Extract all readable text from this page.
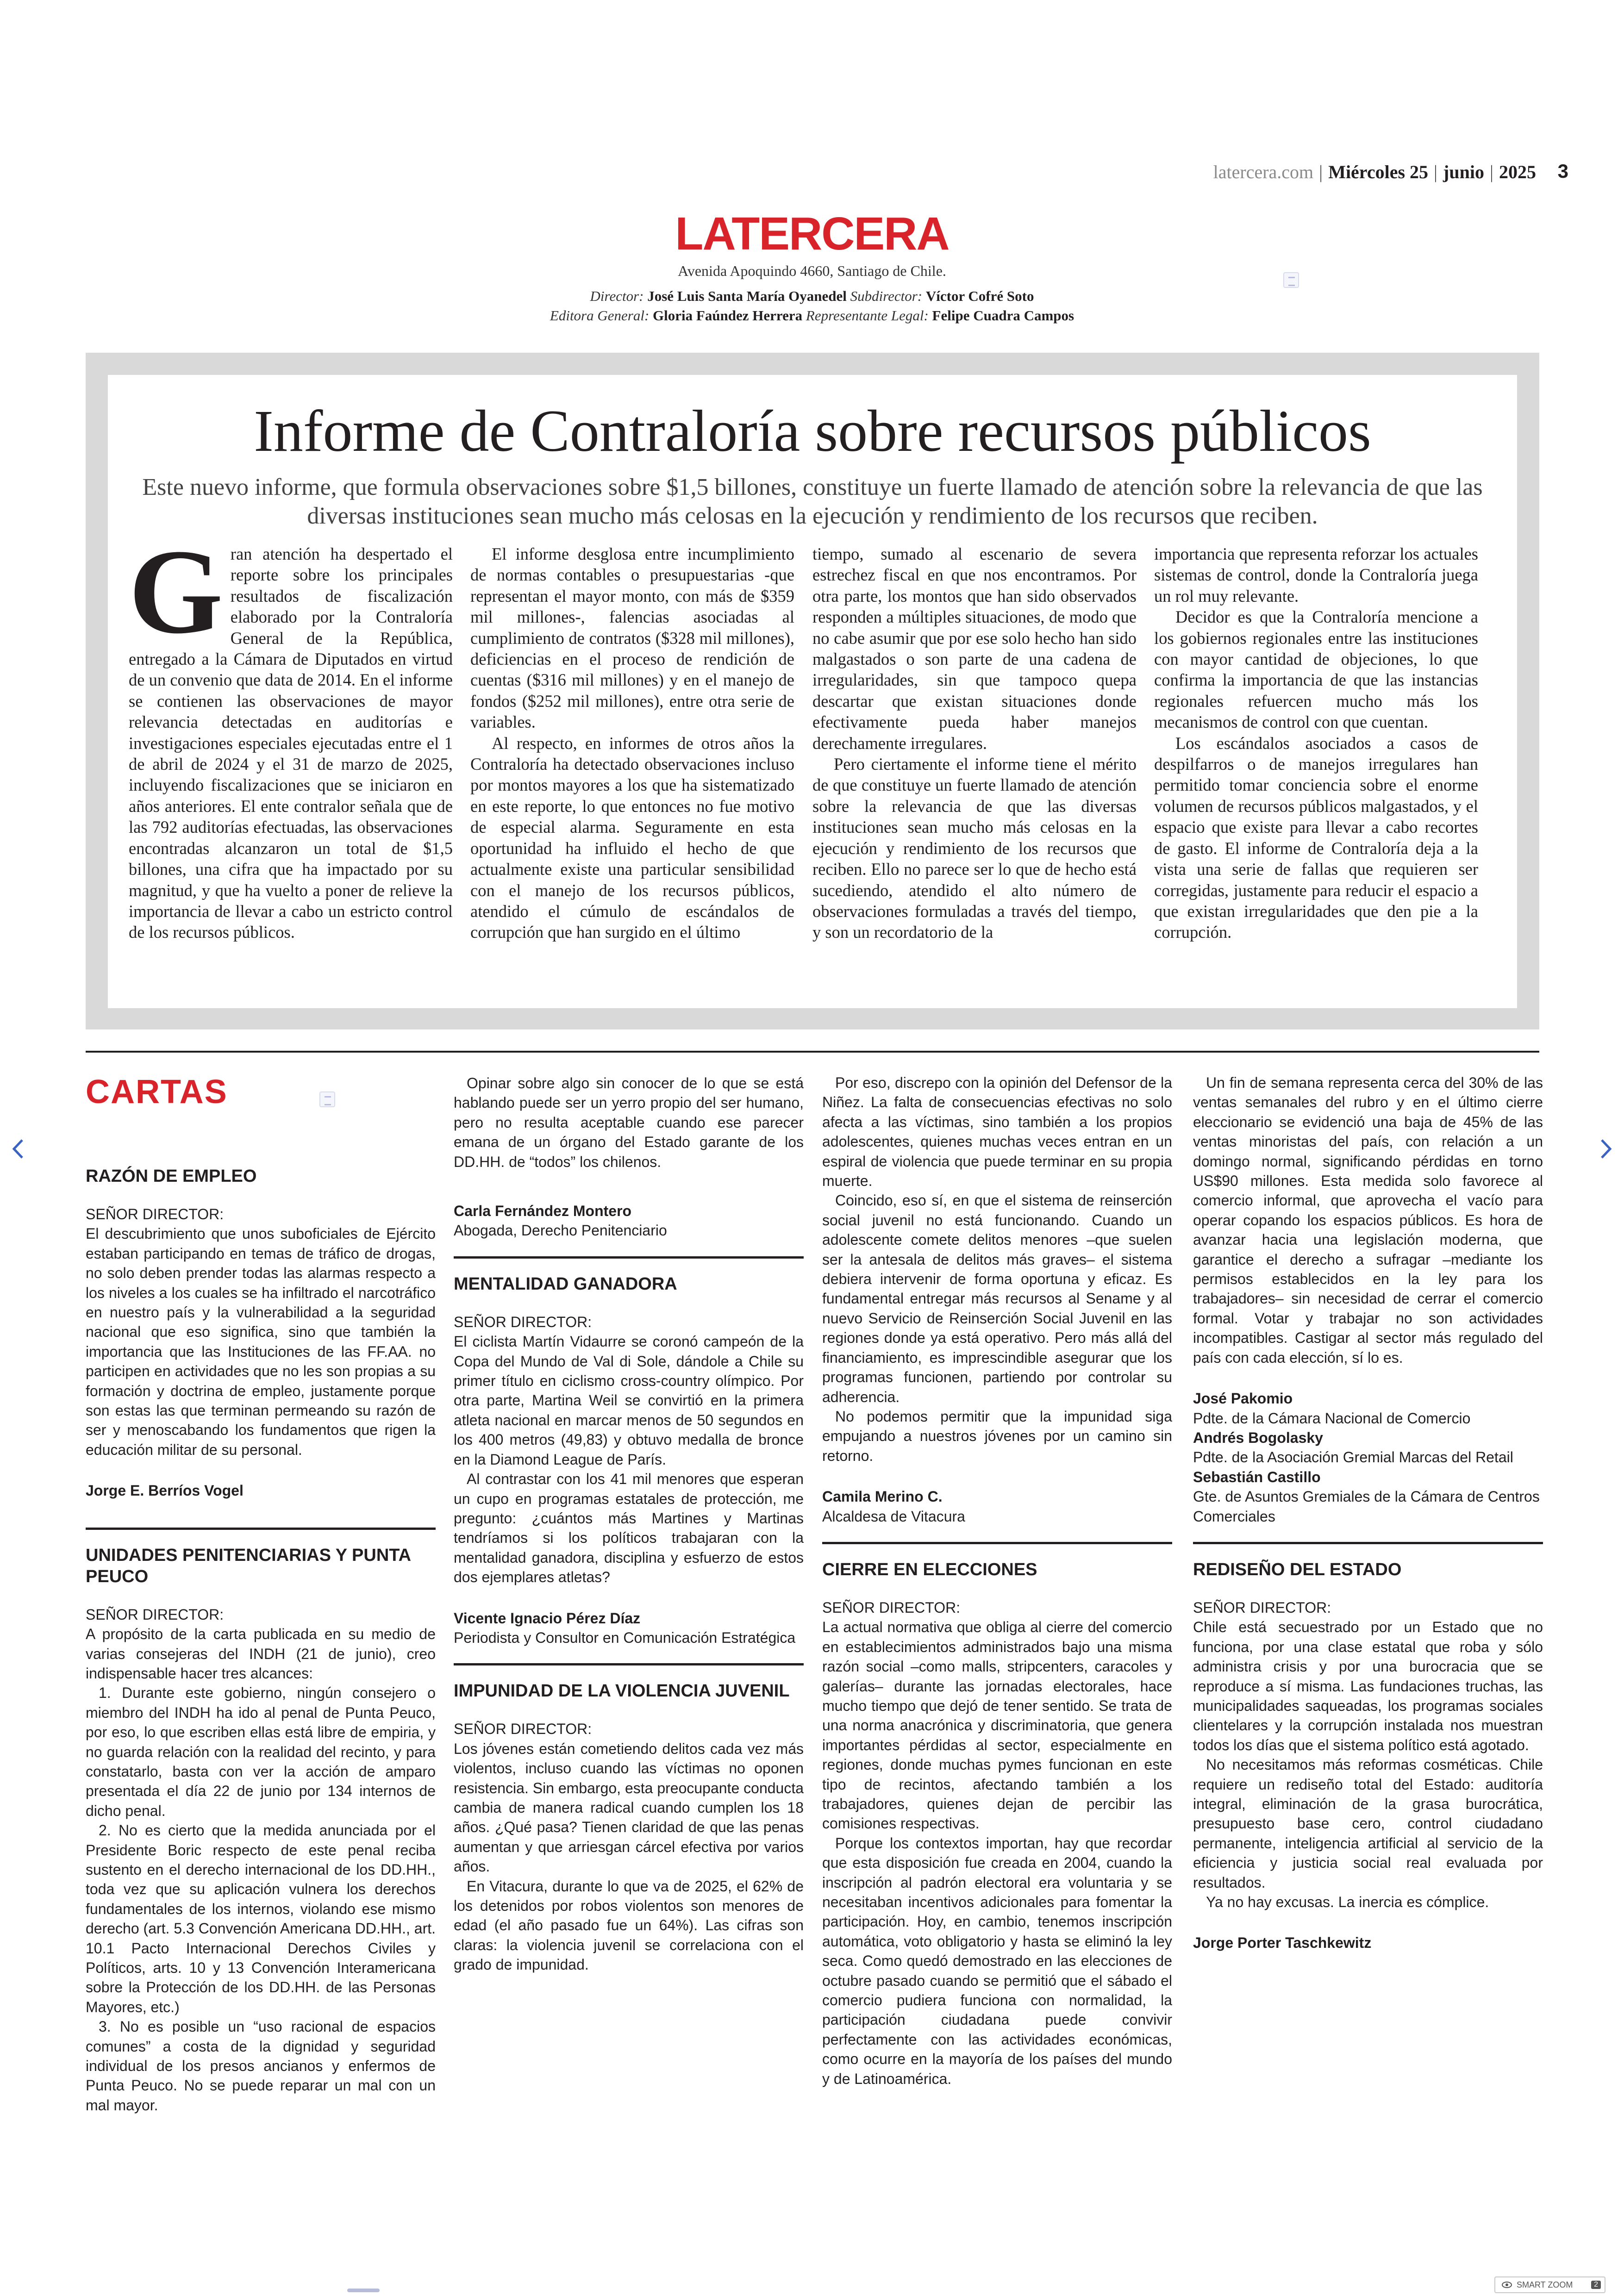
latercera.com | Miércoles 25 | junio | 2025 3
LATERCERA
Avenida Apoquindo 4660, Santiago de Chile.
Director: José Luis Santa María Oyanedel Subdirector: Víctor Cofré Soto
Editora General: Gloria Faúndez Herrera Representante Legal: Felipe Cuadra Campos
Informe de Contraloría sobre recursos públicos
Este nuevo informe, que formula observaciones sobre $1,5 billones, constituye un fuerte llamado de atención sobre la relevancia de que las diversas instituciones sean mucho más celosas en la ejecución y rendimiento de los recursos que reciben.

Gran atención ha despertado el reporte sobre los principales resultados de fiscalización elaborado por la Contraloría General de la República, entregado a la Cámara de Diputados en virtud de un convenio que data de 2014. En el informe se contienen las observaciones de mayor relevancia detectadas en auditorías e investigaciones especiales ejecutadas entre el 1 de abril de 2024 y el 31 de marzo de 2025, incluyendo fiscalizaciones que se iniciaron en años anteriores. El ente contralor señala que de las 792 auditorías efectuadas, las observaciones encontradas alcanzaron un total de $1,5 billones, una cifra que ha impactado por su magnitud, y que ha vuelto a poner de relieve la importancia de llevar a cabo un estricto control de los recursos públicos.

El informe desglosa entre incumplimiento de normas contables o presupuestarias -que representan el mayor monto, con más de $359 mil millones-, falencias asociadas al cumplimiento de contratos ($328 mil millones), deficiencias en el proceso de rendición de cuentas ($316 mil millones) y en el manejo de fondos ($252 mil millones), entre otra serie de variables.

Al respecto, en informes de otros años la Contraloría ha detectado observaciones incluso por montos mayores a los que ha sistematizado en este reporte, lo que entonces no fue motivo de especial alarma. Seguramente en esta oportunidad ha influido el hecho de que actualmente existe una particular sensibilidad con el manejo de los recursos públicos, atendido el cúmulo de escándalos de corrupción que han surgido en el último

tiempo, sumado al escenario de severa estrechez fiscal en que nos encontramos. Por otra parte, los montos que han sido observados responden a múltiples situaciones, de modo que no cabe asumir que por ese solo hecho han sido malgastados o son parte de una cadena de irregularidades, sin que tampoco quepa descartar que existan situaciones donde efectivamente pueda haber manejos derechamente irregulares.

Pero ciertamente el informe tiene el mérito de que constituye un fuerte llamado de atención sobre la relevancia de que las diversas instituciones sean mucho más celosas en la ejecución y rendimiento de los recursos que reciben. Ello no parece ser lo que de hecho está sucediendo, atendido el alto número de observaciones formuladas a través del tiempo, y son un recordatorio de la

importancia que representa reforzar los actuales sistemas de control, donde la Contraloría juega un rol muy relevante.

Decidor es que la Contraloría mencione a los gobiernos regionales entre las instituciones con mayor cantidad de objeciones, lo que confirma la importancia de que las instancias regionales refuercen mucho más los mecanismos de control con que cuentan.

Los escándalos asociados a casos de despilfarros o de manejos irregulares han permitido tomar conciencia sobre el enorme volumen de recursos públicos malgastados, y el espacio que existe para llevar a cabo recortes de gasto. El informe de Contraloría deja a la vista una serie de fallas que requieren ser corregidas, justamente para reducir el espacio a que existan irregularidades que den pie a la corrupción.

CARTAS

RAZÓN DE EMPLEO

SEÑOR DIRECTOR:

El descubrimiento que unos suboficiales de Ejército estaban participando en temas de tráfico de drogas, no solo deben prender todas las alarmas respecto a los niveles a los cuales se ha infiltrado el narcotráfico en nuestro país y la vulnerabilidad a la seguridad nacional que eso significa, sino que también la importancia que las Instituciones de las FF.AA. no participen en actividades que no les son propias a su formación y doctrina de empleo, justamente porque son estas las que terminan permeando su razón de ser y menoscabando los fundamentos que rigen la educación militar de su personal.

Jorge E. Berríos Vogel

UNIDADES PENITENCIARIAS Y PUNTA PEUCO

SEÑOR DIRECTOR:

A propósito de la carta publicada en su medio de varias consejeras del INDH (21 de junio), creo indispensable hacer tres alcances:

1. Durante este gobierno, ningún consejero o miembro del INDH ha ido al penal de Punta Peuco, por eso, lo que escriben ellas está libre de empiria, y no guarda relación con la realidad del recinto, y para constatarlo, basta con ver la acción de amparo presentada el día 22 de junio por 134 internos de dicho penal.

2. No es cierto que la medida anunciada por el Presidente Boric respecto de este penal reciba sustento en el derecho internacional de los DD.HH., toda vez que su aplicación vulnera los derechos fundamentales de los internos, violando ese mismo derecho (art. 5.3 Convención Americana DD.HH., art. 10.1 Pacto Internacional Derechos Civiles y Políticos, arts. 10 y 13 Convención Interamericana sobre la Protección de los DD.HH. de las Personas Mayores, etc.)

3. No es posible un “uso racional de espacios comunes” a costa de la dignidad y seguridad individual de los presos ancianos y enfermos de Punta Peuco. No se puede reparar un mal con un mal mayor.

Opinar sobre algo sin conocer de lo que se está hablando puede ser un yerro propio del ser humano, pero no resulta aceptable cuando ese parecer emana de un órgano del Estado garante de los DD.HH. de “todos” los chilenos.

Carla Fernández Montero

Abogada, Derecho Penitenciario

MENTALIDAD GANADORA

SEÑOR DIRECTOR:

El ciclista Martín Vidaurre se coronó campeón de la Copa del Mundo de Val di Sole, dándole a Chile su primer título en ciclismo cross-country olímpico. Por otra parte, Martina Weil se convirtió en la primera atleta nacional en marcar menos de 50 segundos en los 400 metros (49,83) y obtuvo medalla de bronce en la Diamond League de París.

Al contrastar con los 41 mil menores que esperan un cupo en programas estatales de protección, me pregunto: ¿cuántos más Martines y Martinas tendríamos si los políticos trabajaran con la mentalidad ganadora, disciplina y esfuerzo de estos dos ejemplares atletas?

Vicente Ignacio Pérez Díaz

Periodista y Consultor en Comunicación Estratégica

IMPUNIDAD DE LA VIOLENCIA JUVENIL

SEÑOR DIRECTOR:

Los jóvenes están cometiendo delitos cada vez más violentos, incluso cuando las víctimas no oponen resistencia. Sin embargo, esta preocupante conducta cambia de manera radical cuando cumplen los 18 años. ¿Qué pasa? Tienen claridad de que las penas aumentan y que arriesgan cárcel efectiva por varios años.

En Vitacura, durante lo que va de 2025, el 62% de los detenidos por robos violentos son menores de edad (el año pasado fue un 64%). Las cifras son claras: la violencia juvenil se correlaciona con el grado de impunidad.

Por eso, discrepo con la opinión del Defensor de la Niñez. La falta de consecuencias efectivas no solo afecta a las víctimas, sino también a los propios adolescentes, quienes muchas veces entran en un espiral de violencia que puede terminar en su propia muerte.

Coincido, eso sí, en que el sistema de reinserción social juvenil no está funcionando. Cuando un adolescente comete delitos menores –que suelen ser la antesala de delitos más graves– el sistema debiera intervenir de forma oportuna y eficaz. Es fundamental entregar más recursos al Sename y al nuevo Servicio de Reinserción Social Juvenil en las regiones donde ya está operativo. Pero más allá del financiamiento, es imprescindible asegurar que los programas funcionen, partiendo por controlar su adherencia.

No podemos permitir que la impunidad siga empujando a nuestros jóvenes por un camino sin retorno.

Camila Merino C.

Alcaldesa de Vitacura

CIERRE EN ELECCIONES

SEÑOR DIRECTOR:

La actual normativa que obliga al cierre del comercio en establecimientos administrados bajo una misma razón social –como malls, stripcenters, caracoles y galerías– durante las jornadas electorales, hace mucho tiempo que dejó de tener sentido. Se trata de una norma anacrónica y discriminatoria, que genera importantes pérdidas al sector, especialmente en regiones, donde muchas pymes funcionan en este tipo de recintos, afectando también a los trabajadores, quienes dejan de percibir las comisiones respectivas.

Porque los contextos importan, hay que recordar que esta disposición fue creada en 2004, cuando la inscripción al padrón electoral era voluntaria y se necesitaban incentivos adicionales para fomentar la participación. Hoy, en cambio, tenemos inscripción automática, voto obligatorio y hasta se eliminó la ley seca. Como quedó demostrado en las elecciones de octubre pasado cuando se permitió que el sábado el comercio pudiera funciona con normalidad, la participación ciudadana puede convivir perfectamente con las actividades económicas, como ocurre en la mayoría de los países del mundo y de Latinoamérica.

Un fin de semana representa cerca del 30% de las ventas semanales del rubro y en el último cierre eleccionario se evidenció una baja de 45% de las ventas minoristas del país, con relación a un domingo normal, significando pérdidas en torno US$90 millones. Esta medida solo favorece al comercio informal, que aprovecha el vacío para operar copando los espacios públicos. Es hora de avanzar hacia una legislación moderna, que garantice el derecho a sufragar –mediante los permisos establecidos en la ley para los trabajadores– sin necesidad de cerrar el comercio formal. Votar y trabajar no son actividades incompatibles. Castigar al sector más regulado del país con cada elección, sí lo es.

José Pakomio

Pdte. de la Cámara Nacional de Comercio

Andrés Bogolasky

Pdte. de la Asociación Gremial Marcas del Retail

Sebastián Castillo

Gte. de Asuntos Gremiales de la Cámara de Centros Comerciales

REDISEÑO DEL ESTADO

SEÑOR DIRECTOR:

Chile está secuestrado por un Estado que no funciona, por una clase estatal que roba y sólo administra crisis y por una burocracia que se reproduce a sí misma. Las fundaciones truchas, las municipalidades saqueadas, los programas sociales clientelares y la corrupción instalada nos muestran todos los días que el sistema político está agotado.

No necesitamos más reformas cosméticas. Chile requiere un rediseño total del Estado: auditoría integral, eliminación de la grasa burocrática, presupuesto base cero, control ciudadano permanente, inteligencia artificial al servicio de la eficiencia y justicia social real evaluada por resultados.

Ya no hay excusas. La inercia es cómplice.

Jorge Porter Taschkewitz

SMART ZOOM	2
